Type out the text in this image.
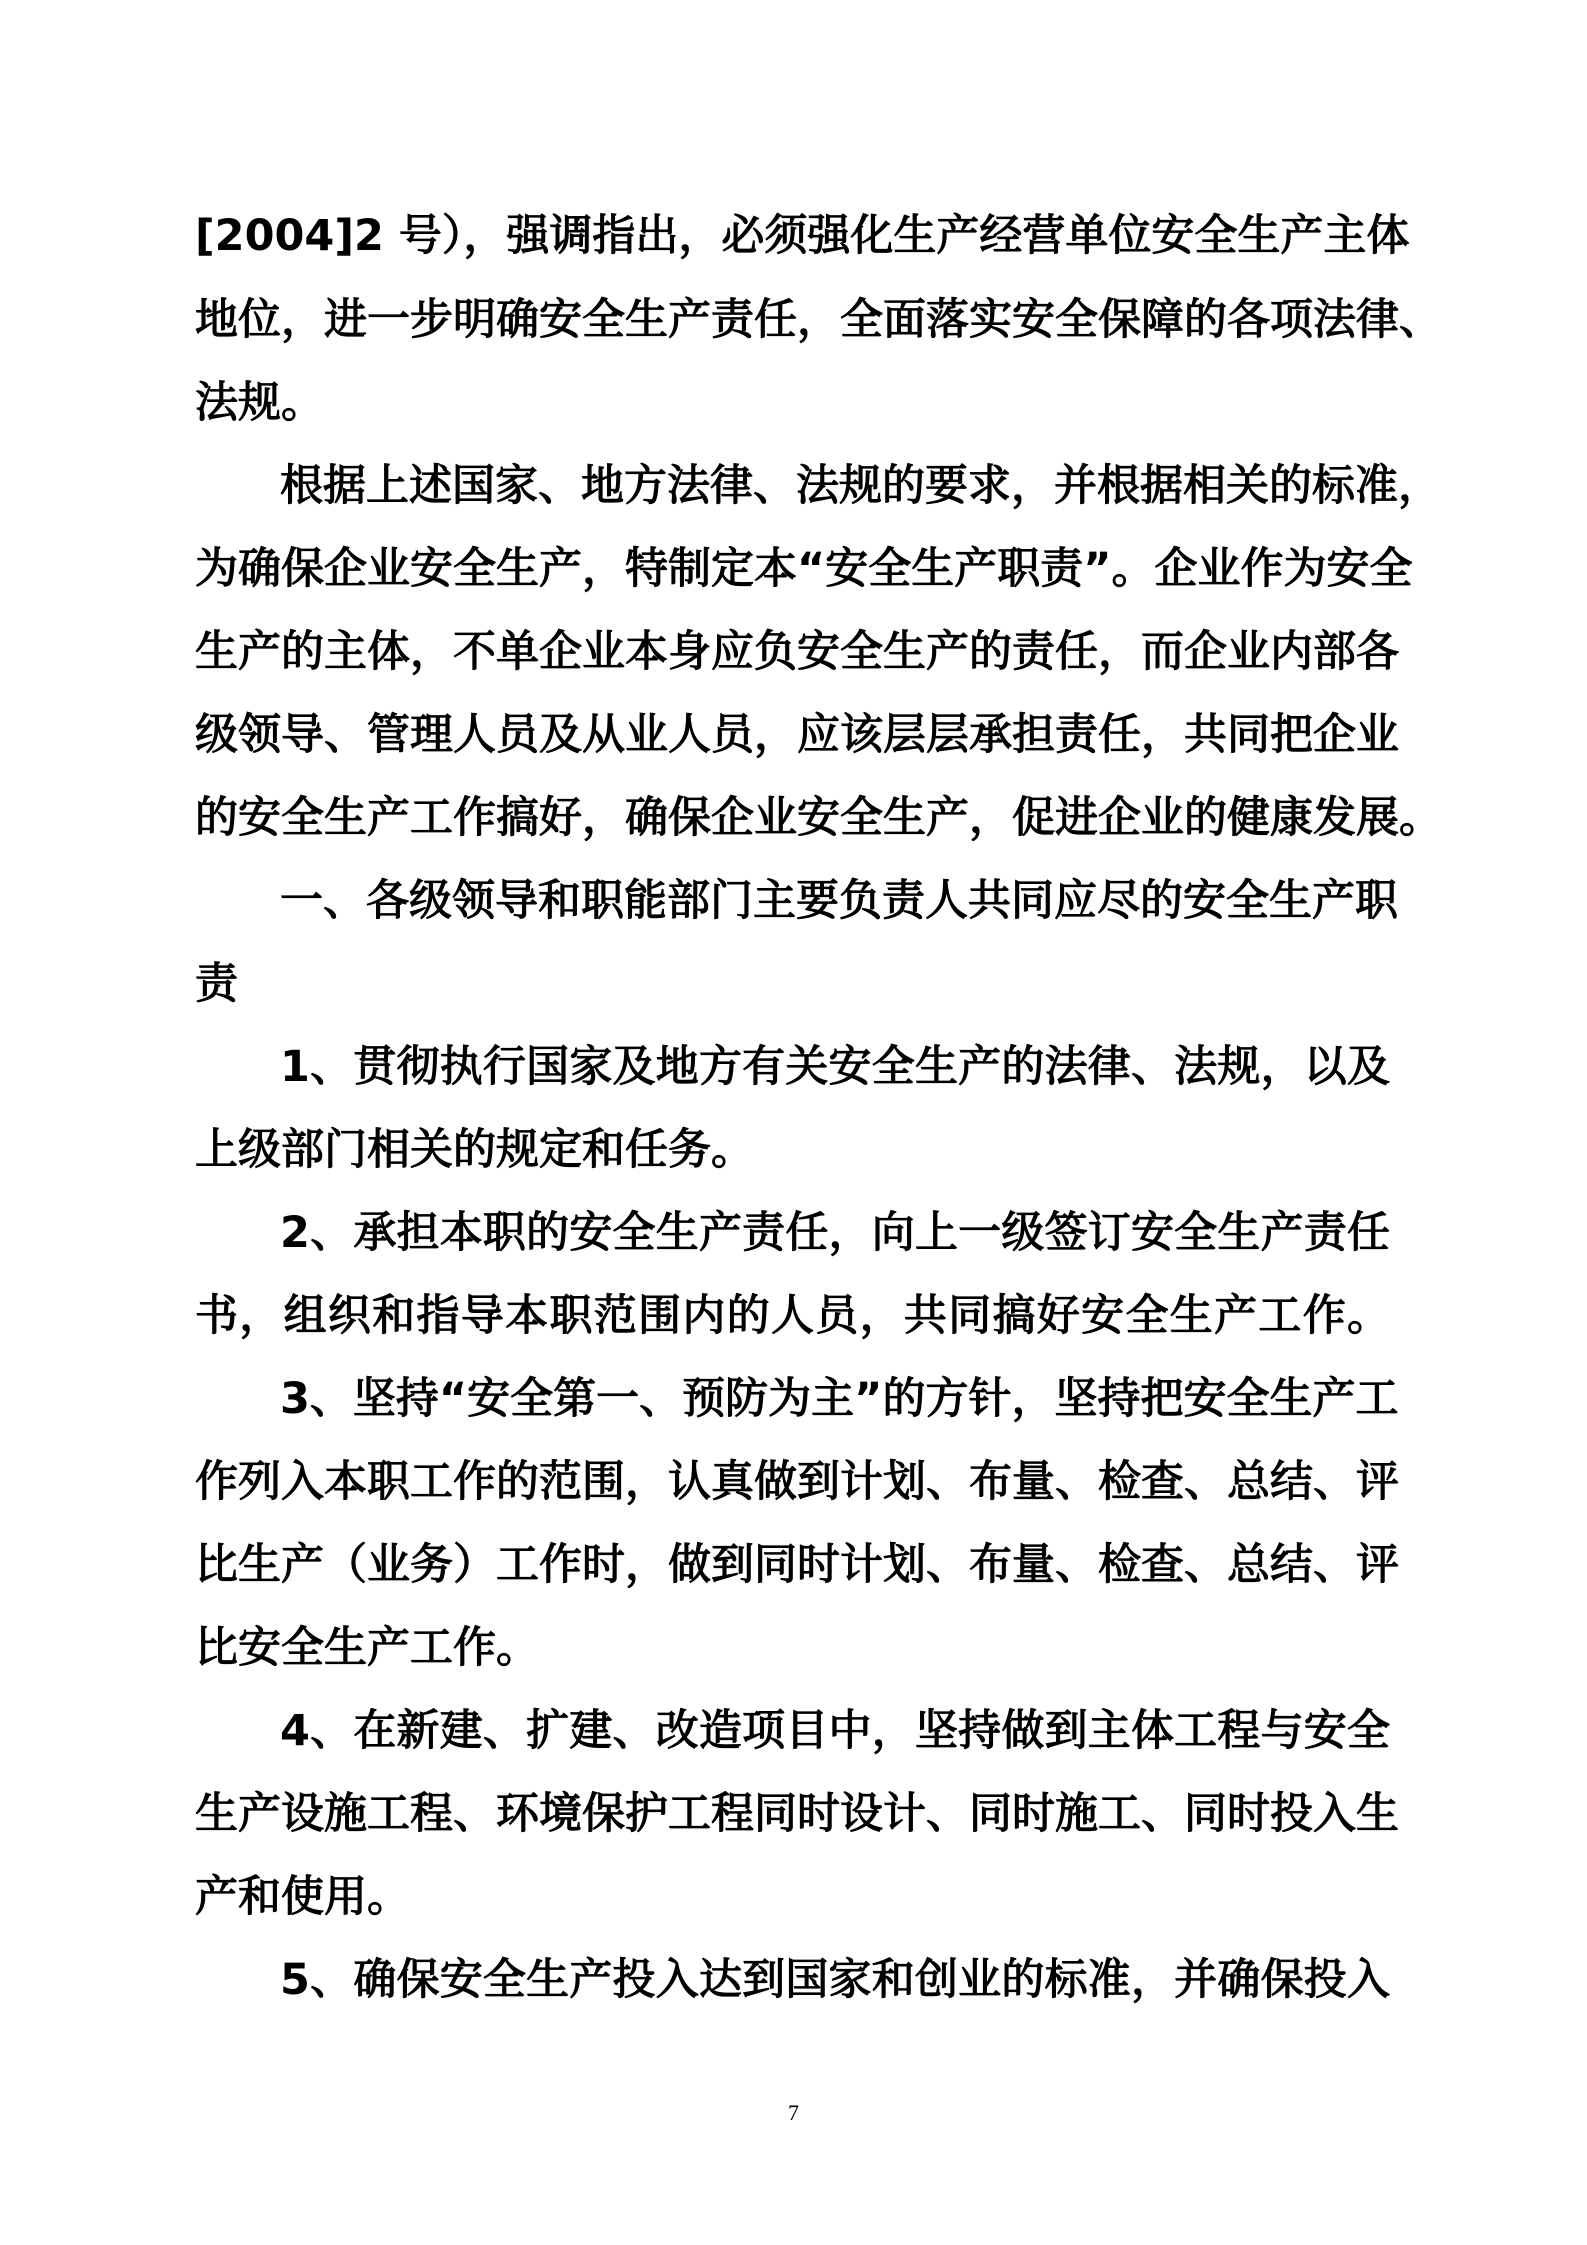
[2004]2 号），强调指出，必须强化生产经营单位安全生产主体
地位，进一步明确安全生产责任，全面落实安全保障的各项法律、
法规。
根据上述国家、地方法律、法规的要求，并根据相关的标准，
为确保企业安全生产，特制定本“安全生产职责”。企业作为安全
生产的主体，不单企业本身应负安全生产的责任，而企业内部各
级领导、管理人员及从业人员，应该层层承担责任，共同把企业
的安全生产工作搞好，确保企业安全生产，促进企业的健康发展。
一、各级领导和职能部门主要负责人共同应尽的安全生产职
责
1、贯彻执行国家及地方有关安全生产的法律、法规，以及
上级部门相关的规定和任务。
2、承担本职的安全生产责任，向上一级签订安全生产责任
书，组织和指导本职范围内的人员，共同搞好安全生产工作。
3、坚持“安全第一、预防为主”的方针，坚持把安全生产工
作列入本职工作的范围，认真做到计划、布量、检查、总结、评
比生产（业务）工作时，做到同时计划、布量、检查、总结、评
比安全生产工作。
4、在新建、扩建、改造项目中，坚持做到主体工程与安全
生产设施工程、环境保护工程同时设计、同时施工、同时投入生
产和使用。
5、确保安全生产投入达到国家和创业的标准，并确保投入
7
